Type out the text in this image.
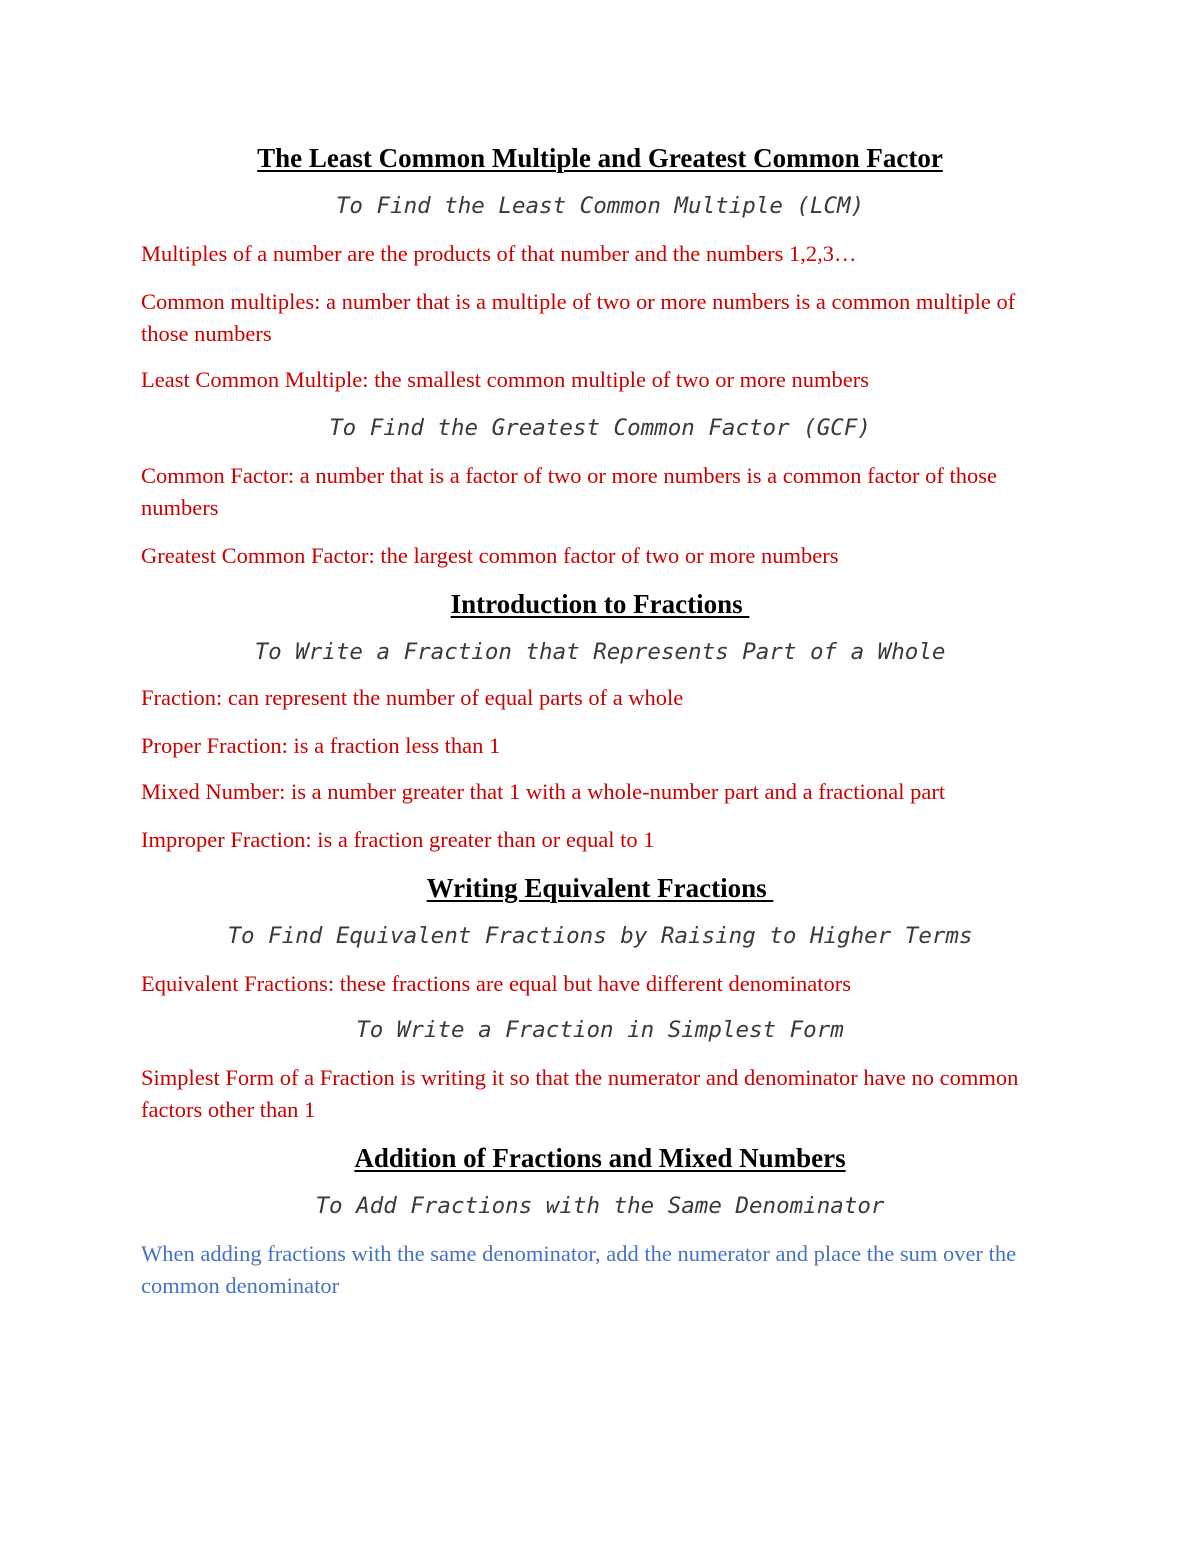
The Least Common Multiple and Greatest Common Factor

To Find the Least Common Multiple (LCM)

Multiples of a number are the products of that number and the numbers 1,2,3…

Common multiples: a number that is a multiple of two or more numbers is a common multiple of those numbers

Least Common Multiple: the smallest common multiple of two or more numbers

To Find the Greatest Common Factor (GCF)

Common Factor: a number that is a factor of two or more numbers is a common factor of those numbers

Greatest Common Factor: the largest common factor of two or more numbers

Introduction to Fractions

To Write a Fraction that Represents Part of a Whole

Fraction: can represent the number of equal parts of a whole

Proper Fraction: is a fraction less than 1

Mixed Number: is a number greater that 1 with a whole-number part and a fractional part

Improper Fraction: is a fraction greater than or equal to 1

Writing Equivalent Fractions

To Find Equivalent Fractions by Raising to Higher Terms

Equivalent Fractions: these fractions are equal but have different denominators

To Write a Fraction in Simplest Form

Simplest Form of a Fraction is writing it so that the numerator and denominator have no common factors other than 1

Addition of Fractions and Mixed Numbers

To Add Fractions with the Same Denominator

When adding fractions with the same denominator, add the numerator and place the sum over the common denominator
